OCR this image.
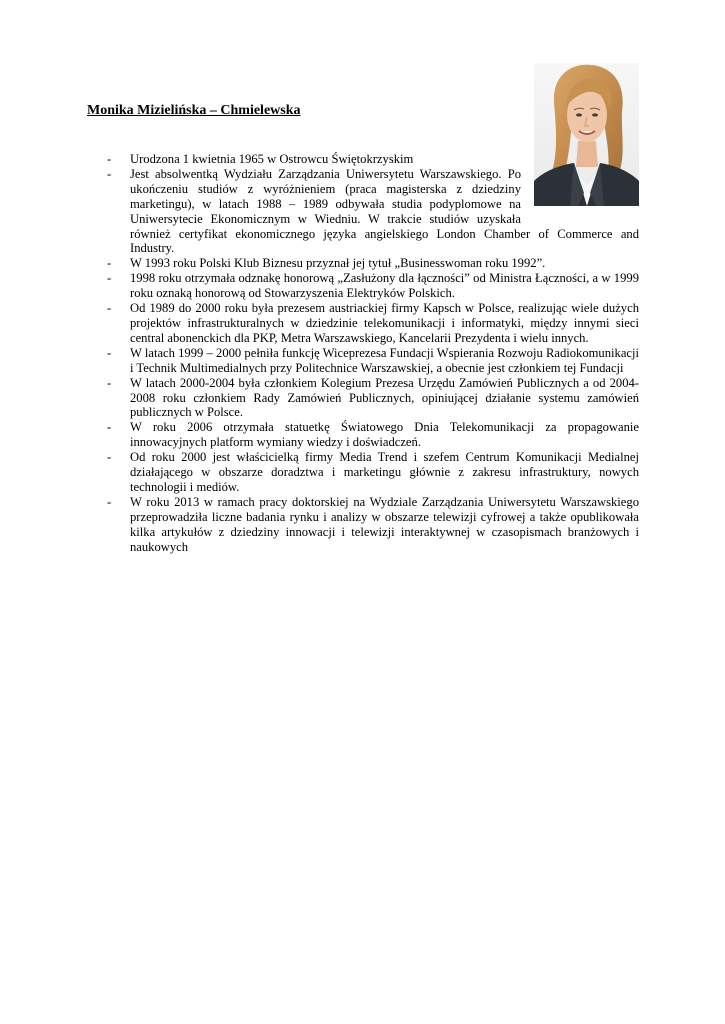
Monika Mizielińska – Chmielewska
- Urodzona 1 kwietnia 1965 w Ostrowcu Świętokrzyskim
- Jest absolwentką Wydziału Zarządzania Uniwersytetu Warszawskiego. Po ukończeniu studiów z wyróżnieniem (praca magisterska z dziedziny marketingu), w latach 1988 – 1989 odbywała studia podyplomowe na Uniwersytecie Ekonomicznym w Wiedniu. W trakcie studiów uzyskała również certyfikat ekonomicznego języka angielskiego London Chamber of Commerce and Industry.
- W 1993 roku Polski Klub Biznesu przyznał jej tytuł „Businesswoman roku 1992”.
- 1998 roku otrzymała odznakę honorową „Zasłużony dla łączności” od Ministra Łączności, a w 1999 roku oznaką honorową od Stowarzyszenia Elektryków Polskich.
- Od 1989 do 2000 roku była prezesem austriackiej firmy Kapsch w Polsce, realizując wiele dużych projektów infrastrukturalnych w dziedzinie telekomunikacji i informatyki, między innymi sieci central abonenckich dla PKP, Metra Warszawskiego, Kancelarii Prezydenta i wielu innych.
- W latach 1999 – 2000 pełniła funkcję Wiceprezesa Fundacji Wspierania Rozwoju Radiokomunikacji i Technik Multimedialnych przy Politechnice Warszawskiej, a obecnie jest członkiem tej Fundacji
- W latach 2000-2004 była członkiem Kolegium Prezesa Urzędu Zamówień Publicznych a od 2004-2008 roku członkiem Rady Zamówień Publicznych, opiniującej działanie systemu zamówień publicznych w Polsce.
- W roku 2006 otrzymała statuetkę Światowego Dnia Telekomunikacji za propagowanie innowacyjnych platform wymiany wiedzy i doświadczeń.
- Od roku 2000 jest właścicielką firmy Media Trend i szefem Centrum Komunikacji Medialnej działającego w obszarze doradztwa i marketingu głównie z zakresu infrastruktury, nowych technologii i mediów.
- W roku 2013 w ramach pracy doktorskiej na Wydziale Zarządzania Uniwersytetu Warszawskiego przeprowadziła liczne badania rynku i analizy w obszarze telewizji cyfrowej a także opublikowała kilka artykułów z dziedziny innowacji i telewizji interaktywnej w czasopismach branżowych i naukowych
